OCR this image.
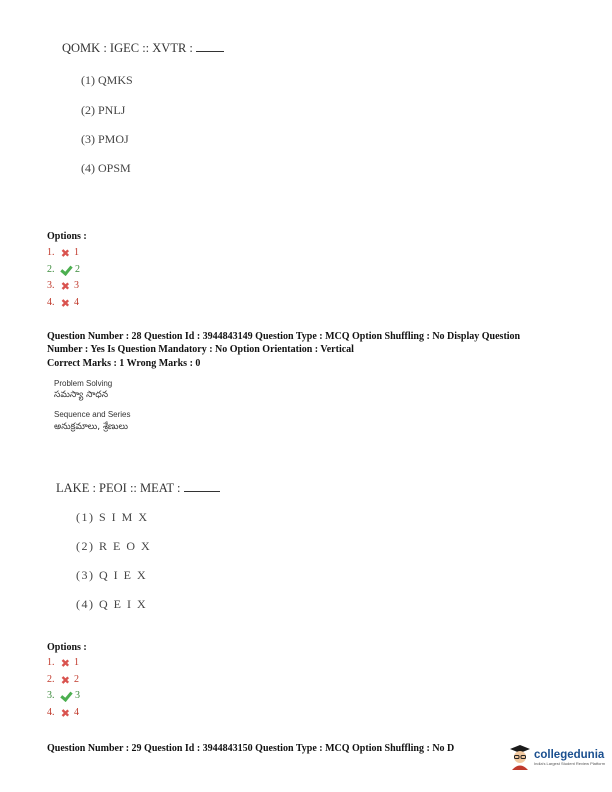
QOMK : IGEC :: XVTR :
(1) QMKS
(2) PNLJ
(3) PMOJ
(4) OPSM
Options :
1.	1
2.	2
3.	3
4.	4
Question Number : 28 Question Id : 3944843149 Question Type : MCQ Option Shuffling : No Display Question
Number : Yes Is Question Mandatory : No Option Orientation : Vertical
Correct Marks : 1 Wrong Marks : 0
Problem Solving
సమస్యా సాధన
Sequence and Series
అనుక్రమాలు, శ్రేణులు
LAKE : PEOI :: MEAT :
(1) S I M X
(2) R E O X
(3) Q I E X
(4) Q E I X
Options :
1.	1
2.	2
3.	3
4.	4
Question Number : 29 Question Id : 3944843150 Question Type : MCQ Option Shuffling : No D	collegedunia
India's Largest Student Review Platform
